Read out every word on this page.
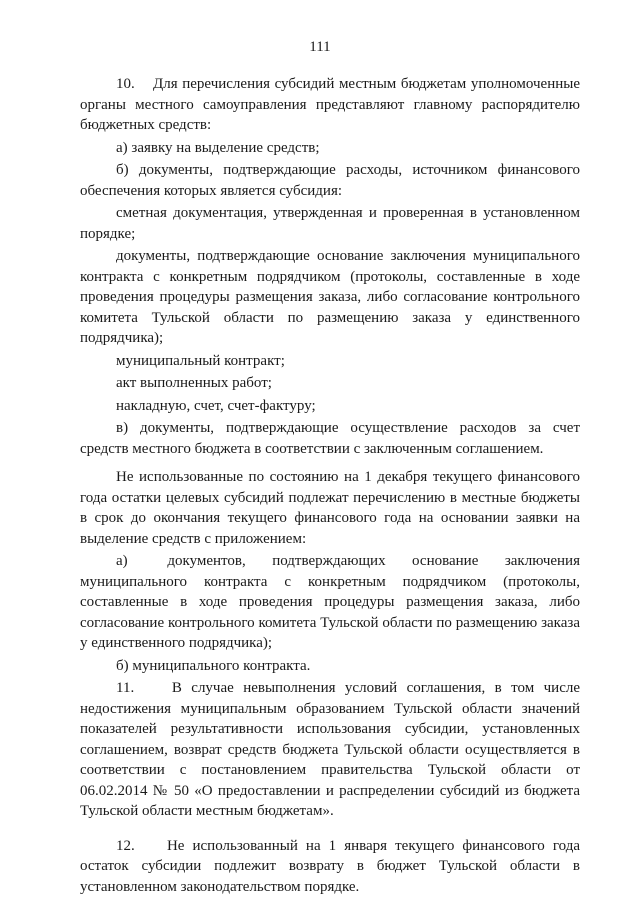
111

10.    Для перечисления субсидий местным бюджетам уполномоченные органы местного самоуправления представляют главному распорядителю бюджетных средств:

а) заявку на выделение средств;

б) документы, подтверждающие расходы, источником финансового обеспечения которых является субсидия:

сметная документация, утвержденная и проверенная в установленном порядке;

документы, подтверждающие основание заключения муниципального контракта с конкретным подрядчиком (протоколы, составленные в ходе проведения процедуры размещения заказа, либо согласование контрольного комитета Тульской области по размещению заказа у единственного подрядчика);

муниципальный контракт;

акт выполненных работ;

накладную, счет, счет-фактуру;

в) документы, подтверждающие осуществление расходов за счет средств местного бюджета в соответствии с заключенным соглашением.

Не использованные по состоянию на 1 декабря текущего финансового года остатки целевых субсидий подлежат перечислению в местные бюджеты в срок до окончания текущего финансового года на основании заявки на выделение средств с приложением:

а)      документов,    подтверждающих    основание    заключения муниципального контракта с конкретным подрядчиком (протоколы, составленные в ходе проведения процедуры размещения заказа, либо согласование контрольного комитета Тульской области по размещению заказа у единственного подрядчика);

б) муниципального контракта.

11.    В случае невыполнения условий соглашения, в том числе недостижения муниципальным образованием Тульской области значений показателей результативности использования субсидии, установленных соглашением, возврат средств бюджета Тульской области осуществляется в соответствии с постановлением правительства Тульской области от 06.02.2014 № 50 «О предоставлении и распределении субсидий из бюджета Тульской области местным бюджетам».

12.    Не использованный на 1 января текущего финансового года остаток субсидии подлежит возврату в бюджет Тульской области в установленном законодательством порядке.
